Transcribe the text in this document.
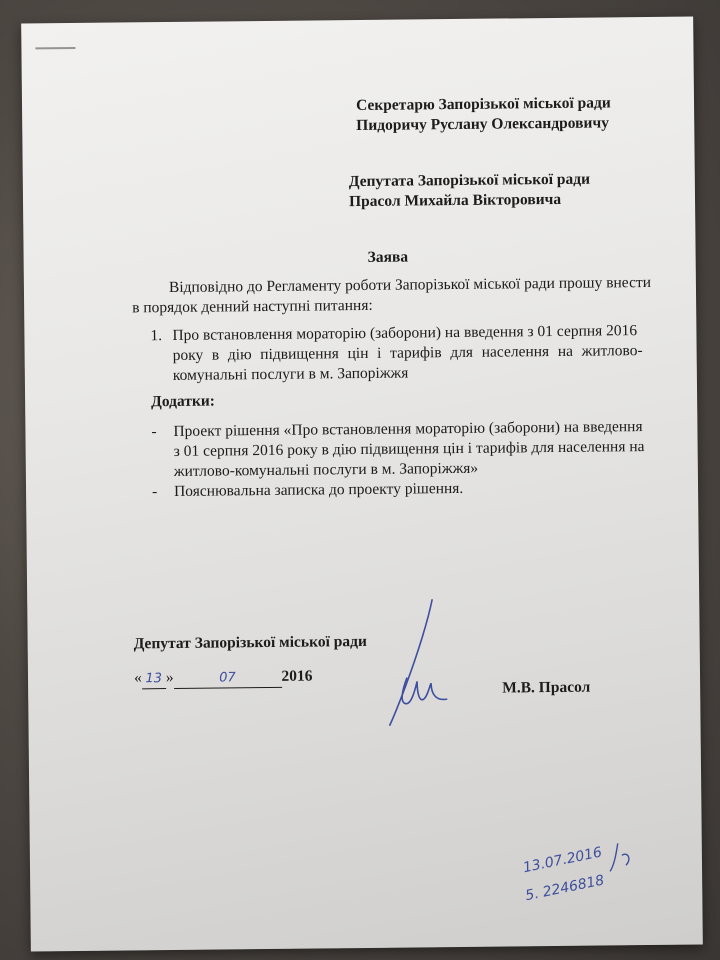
Секретарю Запорізької міської ради
Пидоричу Руслану Олександровичу
Депутата Запорізької міської ради
Прасол Михайла Вікторовича
Заява
Відповідно до Регламенту роботи Запорізької міської ради прошу внести
в порядок денний наступні питання:
1. Про встановлення мораторію (заборони) на введення з 01 серпня 2016
року в дію підвищення цін і тарифів для населення на житлово-
комунальні послуги в м. Запоріжжя
Додатки:
- Проект рішення «Про встановлення мораторію (заборони) на введення
з 01 серпня 2016 року в дію підвищення цін і тарифів для населення на
житлово-комунальні послуги в м. Запоріжжя»
- Пояснювальна записка до проекту рішення.
Депутат Запорізької міської ради
« 13 »	07	2016
М.В. Прасол
13.07.2016
5. 2246818
